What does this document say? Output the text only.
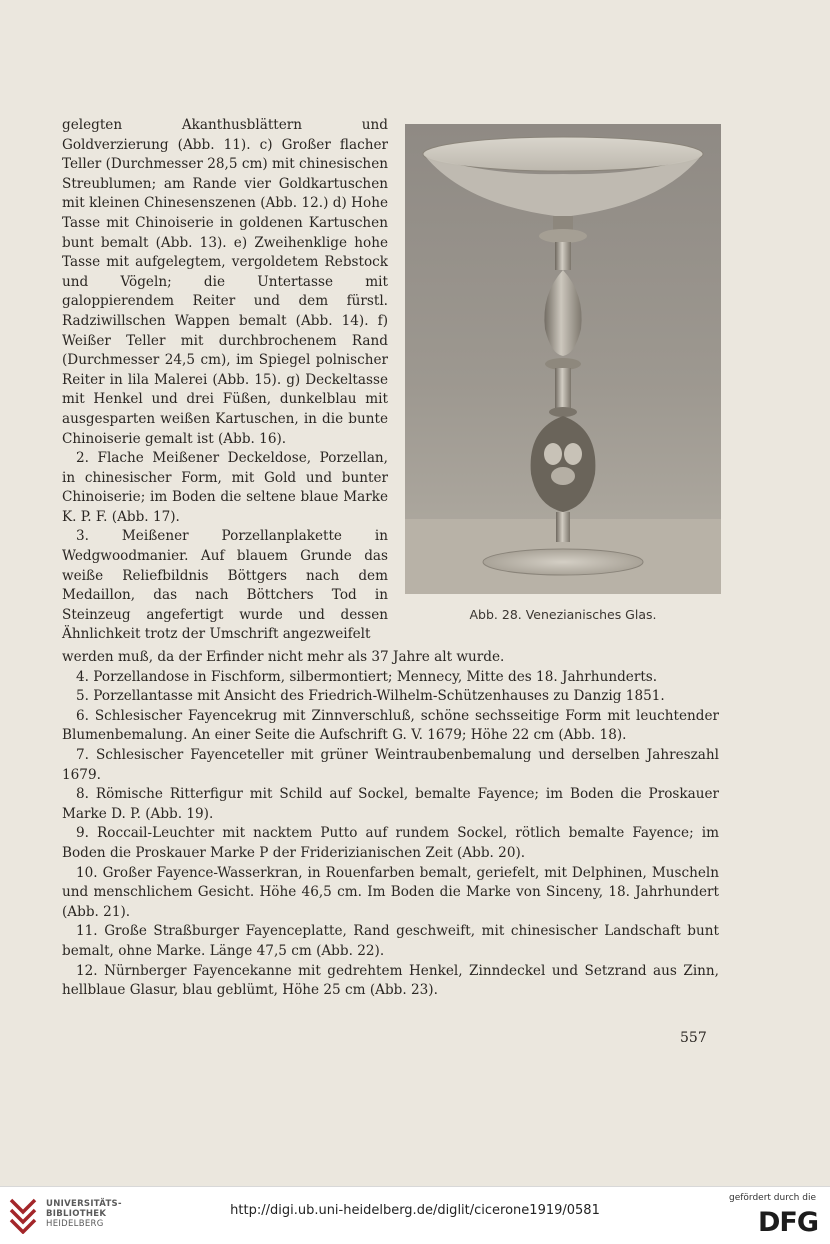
gelegten Akanthusblättern und Goldverzierung (Abb. 11). c) Großer flacher Teller (Durchmesser 28,5 cm) mit chinesischen Streublumen; am Rande vier Goldkartuschen mit kleinen Chinesenszenen (Abb. 12.) d) Hohe Tasse mit Chinoiserie in goldenen Kartuschen bunt bemalt (Abb. 13). e) Zweihenklige hohe Tasse mit aufgelegtem, vergoldetem Rebstock und Vögeln; die Untertasse mit galoppierendem Reiter und dem fürstl. Radziwillschen Wappen bemalt (Abb. 14). f) Weißer Teller mit durchbrochenem Rand (Durchmesser 24,5 cm), im Spiegel polnischer Reiter in lila Malerei (Abb. 15). g) Deckeltasse mit Henkel und drei Füßen, dunkelblau mit ausgesparten weißen Kartuschen, in die bunte Chinoiserie gemalt ist (Abb. 16).

2. Flache Meißener Deckeldose, Porzellan, in chinesischer Form, mit Gold und bunter Chinoiserie; im Boden die seltene blaue Marke K. P. F. (Abb. 17).

3. Meißener Porzellanplakette in Wedgwoodmanier. Auf blauem Grunde das weiße Reliefbildnis Böttgers nach dem Medaillon, das nach Böttchers Tod in Steinzeug angefertigt wurde und dessen Ähnlichkeit trotz der Umschrift angezweifelt

Abb. 28. Venezianisches Glas.

werden muß, da der Erfinder nicht mehr als 37 Jahre alt wurde.

4. Porzellandose in Fischform, silbermontiert; Mennecy, Mitte des 18. Jahrhunderts.

5. Porzellantasse mit Ansicht des Friedrich-Wilhelm-Schützenhauses zu Danzig 1851.

6. Schlesischer Fayencekrug mit Zinnverschluß, schöne sechsseitige Form mit leuchtender Blumenbemalung. An einer Seite die Aufschrift G. V. 1679; Höhe 22 cm (Abb. 18).

7. Schlesischer Fayenceteller mit grüner Weintraubenbemalung und derselben Jahreszahl 1679.

8. Römische Ritterfigur mit Schild auf Sockel, bemalte Fayence; im Boden die Proskauer Marke D. P. (Abb. 19).

9. Roccail-Leuchter mit nacktem Putto auf rundem Sockel, rötlich bemalte Fayence; im Boden die Proskauer Marke P der Friderizianischen Zeit (Abb. 20).

10. Großer Fayence-Wasserkran, in Rouenfarben bemalt, geriefelt, mit Delphinen, Muscheln und menschlichem Gesicht. Höhe 46,5 cm. Im Boden die Marke von Sinceny, 18. Jahrhundert (Abb. 21).

11. Große Straßburger Fayenceplatte, Rand geschweift, mit chinesischer Landschaft bunt bemalt, ohne Marke. Länge 47,5 cm (Abb. 22).

12. Nürnberger Fayencekanne mit gedrehtem Henkel, Zinndeckel und Setzrand aus Zinn, hellblaue Glasur, blau geblümt, Höhe 25 cm (Abb. 23).

557
UNIVERSITÄTS-
BIBLIOTHEK
HEIDELBERG
http://digi.ub.uni-heidelberg.de/diglit/cicerone1919/0581
gefördert durch die
DFG
